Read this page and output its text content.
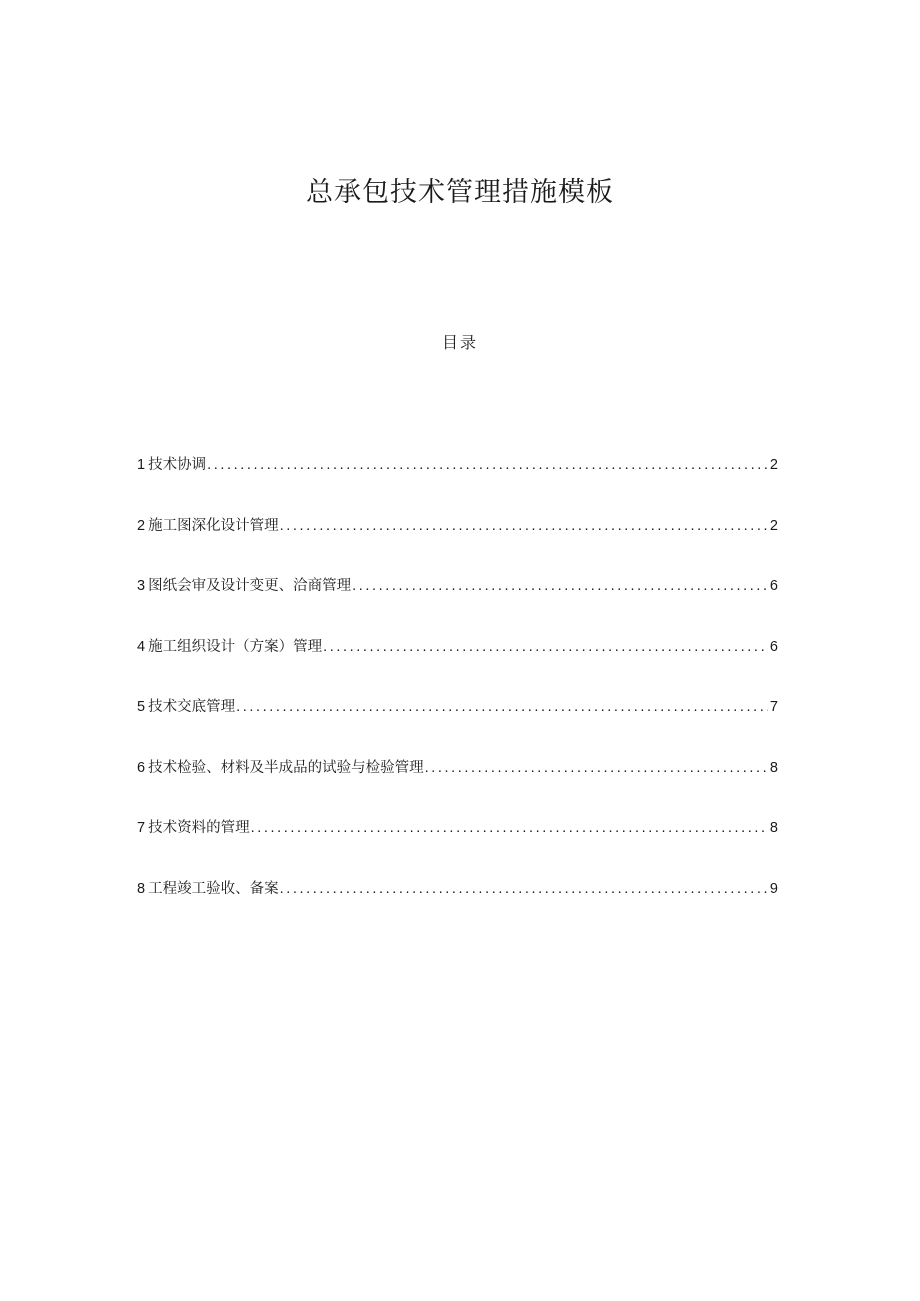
总承包技术管理措施模板
目录
1 技术协调 .....	2
2 施工图深化设计管理 .....	2
3 图纸会审及设计变更、洽商管理 .....	6
4 施工组织设计（方案）管理 .....	6
5 技术交底管理 .....	7
6 技术检验、材料及半成品的试验与检验管理 .....	8
7 技术资料的管理 .....	8
8 工程竣工验收、备案 .....	9
